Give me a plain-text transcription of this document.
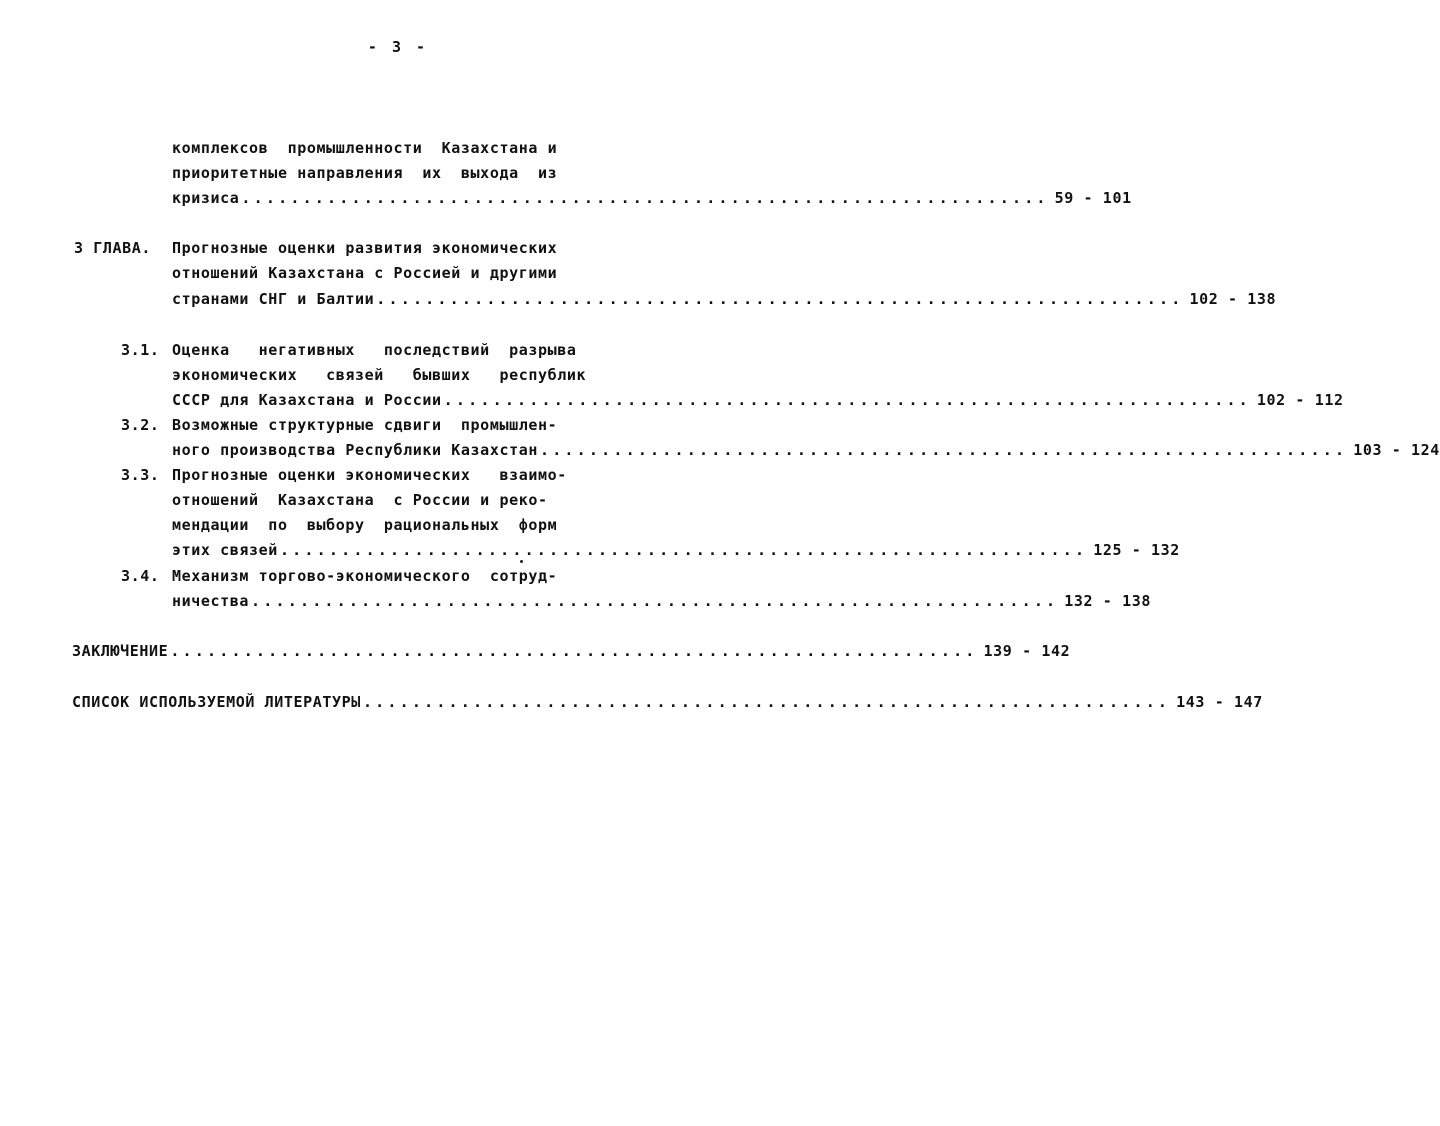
- 3 -
комплексов  промышленности  Казахстана и
приоритетные направления  их  выхода  из
кризиса .................................................................. 59 - 101
3 ГЛАВА. Прогнозные оценки развития экономических
отношений Казахстана с Россией и другими
странами СНГ и Балтии .................................................................. 102 - 138
3.1. Оценка   негативных   последствий  разрыва
экономических   связей   бывших   республик
СССР для Казахстана и России .................................................................. 102 - 112
3.2. Возможные структурные сдвиги  промышлен-
ного производства Республики Казахстан .................................................................. 103 - 124
3.3. Прогнозные оценки экономических   взаимо-
отношений  Казахстана  с России и реко-
мендации  по  выбору  рациональных  форм
этих связей .................................................................. 125 - 132
3.4. Механизм торгово-экономического  сотруд-
ничества .................................................................. 132 - 138
ЗАКЛЮЧЕНИЕ .................................................................. 139 - 142
СПИСОК ИСПОЛЬЗУЕМОЙ ЛИТЕРАТУРЫ .................................................................. 143 - 147
